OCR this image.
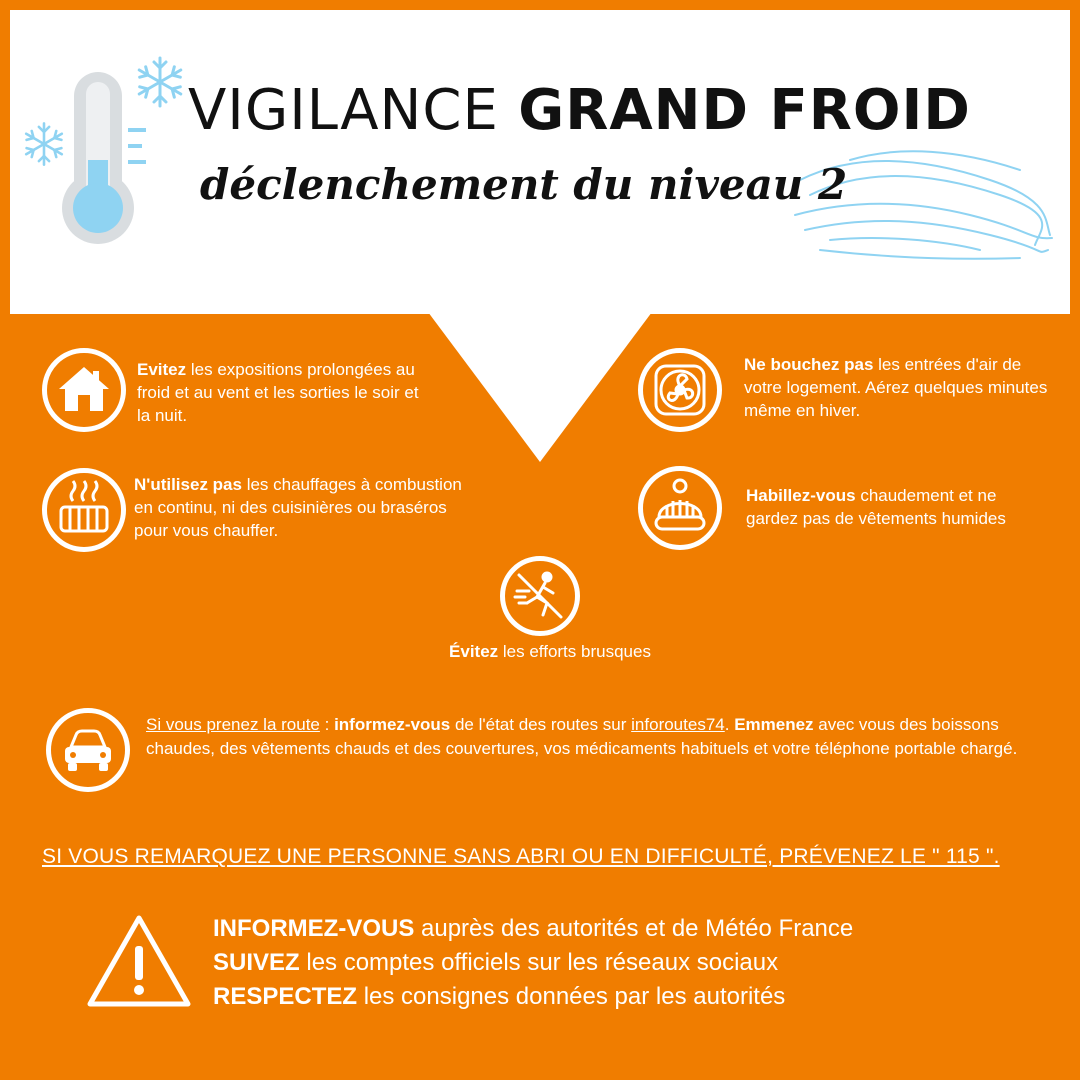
VIGILANCE GRAND FROID
déclenchement du niveau 2
Evitez les expositions prolongées au froid et au vent et les sorties le soir et la nuit.
N'utilisez pas les chauffages à combustion en continu, ni des cuisinières ou braséros pour vous chauffer.
Ne bouchez pas les entrées d'air de votre logement. Aérez quelques minutes même en hiver.
Habillez-vous chaudement et ne gardez pas de vêtements humides
Évitez les efforts brusques
Si vous prenez la route : informez-vous de l'état des routes sur inforoutes74. Emmenez avec vous des boissons chaudes, des vêtements chauds et des couvertures, vos médicaments habituels et votre téléphone portable chargé.
SI VOUS REMARQUEZ UNE PERSONNE SANS ABRI OU EN DIFFICULTÉ, PRÉVENEZ LE " 115 ".
INFORMEZ-VOUS auprès des autorités et de Météo France
SUIVEZ les comptes officiels sur les réseaux sociaux
RESPECTEZ les consignes données par les autorités
